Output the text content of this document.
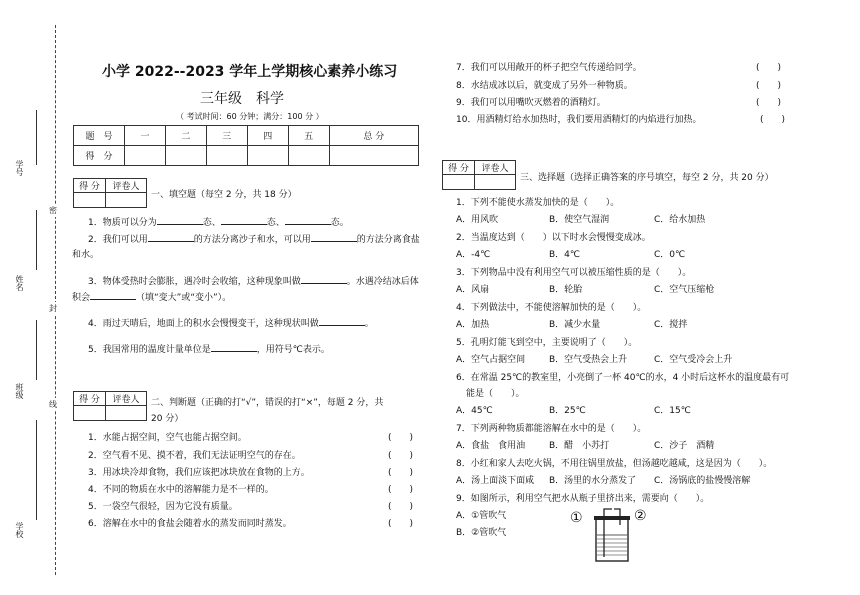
密
封
线
学号
姓名
班级
学校
小学 2022--2023 学年上学期核心素养小练习
三年级　科学
（ 考试时间：60 分钟；满分：100 分 ）
题　号	一	二	三	四	五	总 分
得　分						
得 分	评卷人

一、填空题（每空 2 分，共 18 分）
1．物质可以分为	态、	态、	态。
2．我们可以用	的方法分离沙子和水，可以用	的方法分离食盐
和水。
3．物体受热时会膨胀，遇冷时会收缩，这种现象叫做	。水遇冷结冰后体
积会	（填“变大”或“变小”）。
4．雨过天晴后，地面上的积水会慢慢变干，这种现状叫做	。
5．我国常用的温度计量单位是	，用符号℃表示。
得 分	评卷人
	二、判断题（正确的打“√”，错误的打“×”，每题 2 分，共
20 分）
1．水能占据空间，空气也能占据空间。	(　　)
2．空气看不见、摸不着，我们无法证明空气的存在。	(　　)
3．用冰块冷却食物，我们应该把冰块放在食物的上方。	(　　)
4．不同的物质在水中的溶解能力是不一样的。	(　　)
5．一袋空气很轻，因为它没有质量。	(　　)
6．溶解在水中的食盐会随着水的蒸发而同时蒸发。	(　　)
7．我们可以用敞开的杯子把空气传递给同学。	(　　)
8．水结成冰以后，就变成了另外一种物质。	(　　)
9．我们可以用嘴吹灭燃着的酒精灯。	(　　)
10．用酒精灯给水加热时，我们要用酒精灯的内焰进行加热。	(　　)
得 分	评卷人

三、选择题（选择正确答案的序号填空，每空 2 分，共 20 分）
1．下列不能使水蒸发加快的是（　　）。
A．用风吹	B．使空气湿润	C．给水加热
2．当温度达到（　　）以下时水会慢慢变成冰。
A．-4℃	B．4℃	C．0℃
3．下列物品中没有利用空气可以被压缩性质的是（　　）。
A．风扇	B．轮胎	C．空气压缩枪
4．下列做法中，不能使溶解加快的是（　　）。
A．加热	B．减少水量	C．搅拌
5．孔明灯能飞到空中，主要说明了（　　）。
A．空气占据空间	B．空气受热会上升	C．空气受冷会上升
6．在常温 25℃的教室里，小亮倒了一杯 40℃的水，4 小时后这杯水的温度最有可
能是（　　）。
A．45℃	B．25℃	C．15℃
7．下列两种物质都能溶解在水中的是（　　）。
A．食盐　食用油	B．醋　小苏打	C．沙子　酒精
8．小红和家人去吃火锅，不用往锅里放盐，但汤越吃越咸，这是因为（　　）。
A．汤上面淡下面咸 B．汤里的水分蒸发了 C．汤锅底的盐慢慢溶解
9．如图所示，利用空气把水从瓶子里挤出来，需要向（　　）。
A．①管吹气
B．②管吹气
①	②
